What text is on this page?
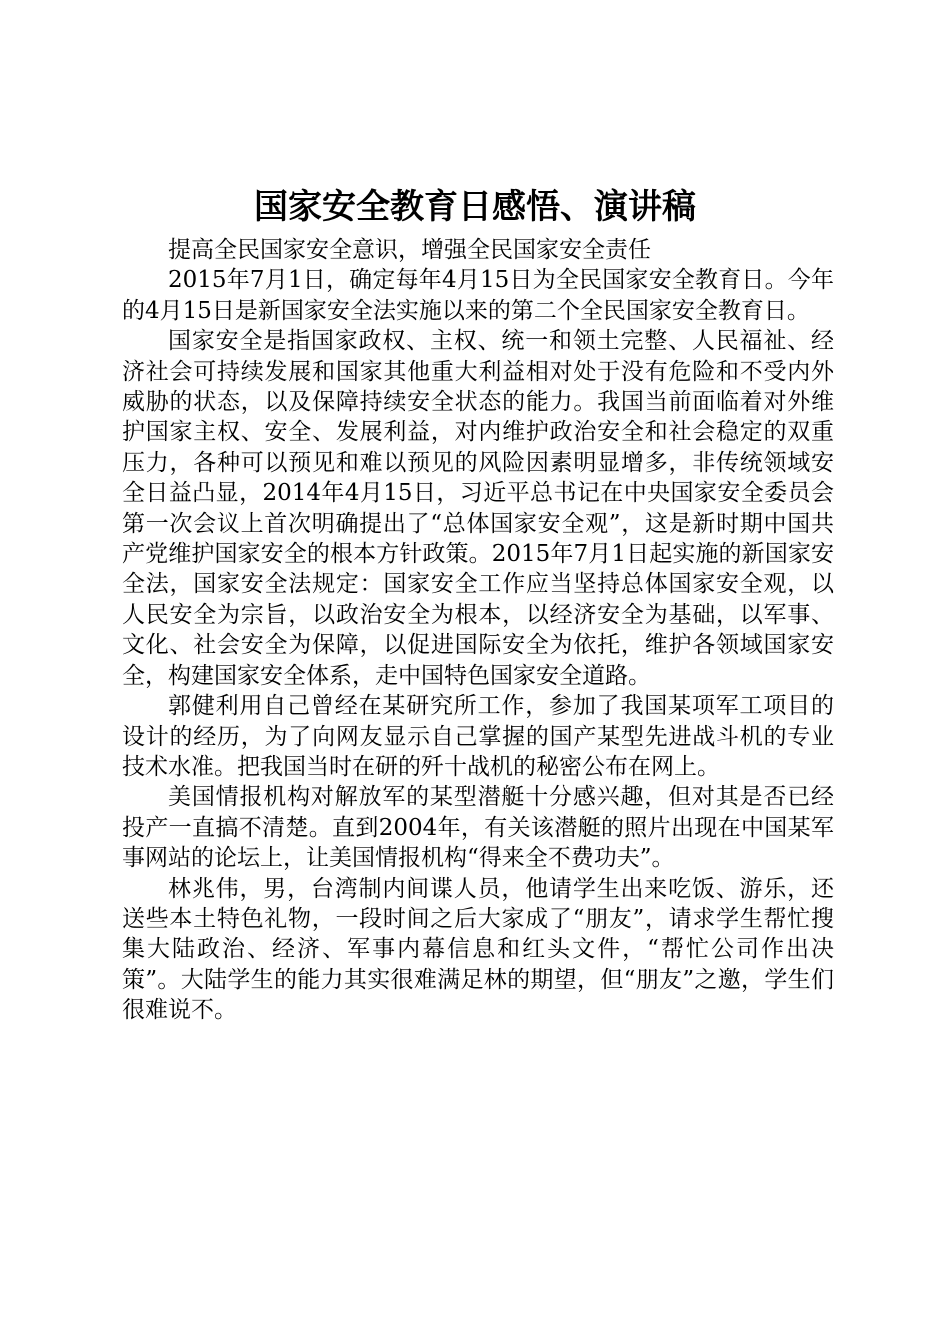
国家安全教育日感悟、演讲稿

提高全民国家安全意识，增强全民国家安全责任

2015年7月1日，确定每年4月15日为全民国家安全教育日。今年的4月15日是新国家安全法实施以来的第二个全民国家安全教育日。

国家安全是指国家政权、主权、统一和领土完整、人民福祉、经济社会可持续发展和国家其他重大利益相对处于没有危险和不受内外威胁的状态，以及保障持续安全状态的能力。我国当前面临着对外维护国家主权、安全、发展利益，对内维护政治安全和社会稳定的双重压力，各种可以预见和难以预见的风险因素明显增多，非传统领域安全日益凸显，2014年4月15日，习近平总书记在中央国家安全委员会第一次会议上首次明确提出了“总体国家安全观”，这是新时期中国共产党维护国家安全的根本方针政策。2015年7月1日起实施的新国家安全法，国家安全法规定：国家安全工作应当坚持总体国家安全观，以人民安全为宗旨，以政治安全为根本，以经济安全为基础，以军事、文化、社会安全为保障，以促进国际安全为依托，维护各领域国家安全，构建国家安全体系，走中国特色国家安全道路。

郭健利用自己曾经在某研究所工作，参加了我国某项军工项目的设计的经历，为了向网友显示自己掌握的国产某型先进战斗机的专业技术水准。把我国当时在研的歼十战机的秘密公布在网上。

美国情报机构对解放军的某型潜艇十分感兴趣，但对其是否已经投产一直搞不清楚。直到2004年，有关该潜艇的照片出现在中国某军事网站的论坛上，让美国情报机构“得来全不费功夫”。

林兆伟，男，台湾制内间谍人员，他请学生出来吃饭、游乐，还送些本土特色礼物，一段时间之后大家成了“朋友”，请求学生帮忙搜集大陆政治、经济、军事内幕信息和红头文件，“帮忙公司作出决策”。大陆学生的能力其实很难满足林的期望，但“朋友”之邀，学生们很难说不。
